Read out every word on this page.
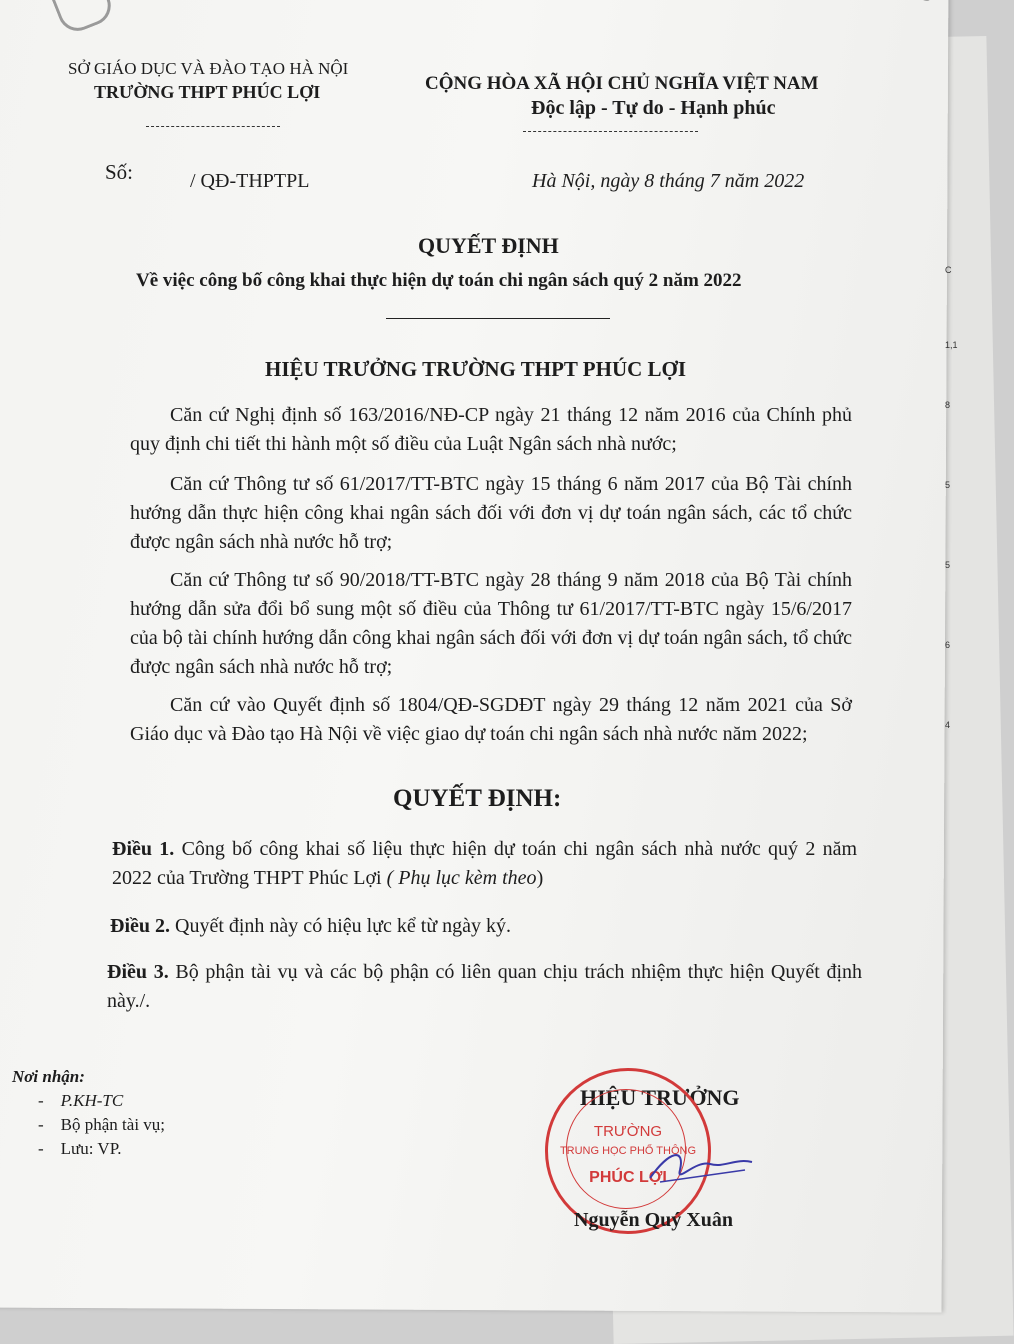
SỞ GIÁO DỤC VÀ ĐÀO TẠO HÀ NỘI
TRƯỜNG THPT PHÚC LỢI	CỘNG HÒA XÃ HỘI CHỦ NGHĨA VIỆT NAM
Độc lập - Tự do - Hạnh phúc
Số:	/ QĐ-THPTPL	Hà Nội, ngày 8 tháng 7 năm 2022
QUYẾT ĐỊNH
Về việc công bố công khai thực hiện dự toán chi ngân sách quý 2 năm 2022
HIỆU TRƯỞNG TRƯỜNG THPT PHÚC LỢI
Căn cứ Nghị định số 163/2016/NĐ-CP ngày 21 tháng 12 năm 2016 của Chính phủ quy định chi tiết thi hành một số điều của Luật Ngân sách nhà nước;
Căn cứ Thông tư số 61/2017/TT-BTC ngày 15 tháng 6 năm 2017 của Bộ Tài chính hướng dẫn thực hiện công khai ngân sách đối với đơn vị dự toán ngân sách, các tổ chức được ngân sách nhà nước hỗ trợ;
Căn cứ Thông tư số 90/2018/TT-BTC ngày 28 tháng 9 năm 2018 của Bộ Tài chính hướng dẫn sửa đổi bổ sung một số điều của Thông tư 61/2017/TT-BTC ngày 15/6/2017 của bộ tài chính hướng dẫn công khai ngân sách đối với đơn vị dự toán ngân sách, tổ chức được ngân sách nhà nước hỗ trợ;
Căn cứ vào Quyết định số 1804/QĐ-SGDĐT ngày 29 tháng 12 năm 2021 của Sở Giáo dục và Đào tạo Hà Nội về việc giao dự toán chi ngân sách nhà nước năm 2022;
QUYẾT ĐỊNH:
Điều 1. Công bố công khai số liệu thực hiện dự toán chi ngân sách nhà nước quý 2 năm 2022 của Trường THPT Phúc Lợi ( Phụ lục kèm theo)
Điều 2. Quyết định này có hiệu lực kể từ ngày ký.
Điều 3. Bộ phận tài vụ và các bộ phận có liên quan chịu trách nhiệm thực hiện Quyết định này./.
Nơi nhận:
-    P.KH-TC
-    Bộ phận tài vụ;
-    Lưu: VP.
HIỆU TRƯỞNG
TRƯỜNG
TRUNG HỌC PHỔ THÔNG
PHÚC LỢI
Nguyễn Quý Xuân
C
1,1
8
5
5
6
4
